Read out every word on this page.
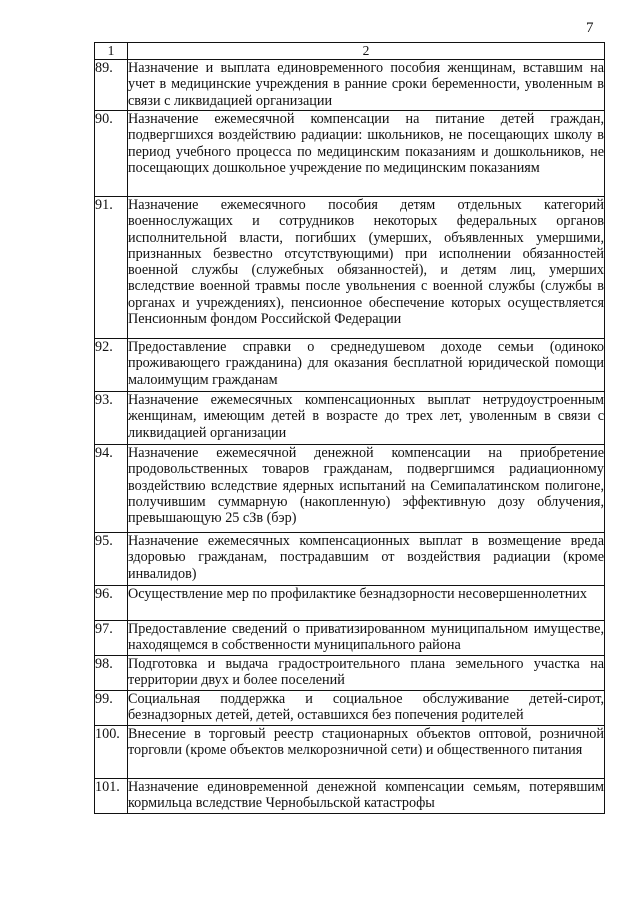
7
1	2
89.	Назначение и выплата единовременного пособия женщинам, вставшим на учет в медицинские учреждения в ранние сроки беременности, уволенным в связи с ликвидацией организации
90.	Назначение ежемесячной компенсации на питание детей граждан, подвергшихся воздействию радиации: школьников, не посещающих школу в период учебного процесса по медицинским показаниям и дошкольников, не посещающих дошкольное учреждение по медицинским показаниям
91.	Назначение ежемесячного пособия детям отдельных категорий военнослужащих и сотрудников некоторых федеральных органов исполнительной власти, погибших (умерших, объявленных умершими, признанных безвестно отсутствующими) при исполнении обязанностей военной службы (служебных обязанностей), и детям лиц, умерших вследствие военной травмы после увольнения с военной службы (службы в органах и учреждениях), пенсионное обеспечение которых осуществляется Пенсионным фондом Российской Федерации
92.	Предоставление справки о среднедушевом доходе семьи (одиноко проживающего гражданина) для оказания бесплатной юридической помощи малоимущим гражданам
93.	Назначение ежемесячных компенсационных выплат нетрудоустроенным женщинам, имеющим детей в возрасте до трех лет, уволенным в связи с ликвидацией организации
94.	Назначение ежемесячной денежной компенсации на приобретение продовольственных товаров гражданам, подвергшимся радиационному воздействию вследствие ядерных испытаний на Семипалатинском полигоне, получившим суммарную (накопленную) эффективную дозу облучения, превышающую 25 сЗв (бэр)
95.	Назначение ежемесячных компенсационных выплат в возмещение вреда здоровью гражданам, пострадавшим от воздействия радиации (кроме инвалидов)
96.	Осуществление мер по профилактике безнадзорности несовершеннолетних
97.	Предоставление сведений о приватизированном муниципальном имуществе, находящемся в собственности муниципального района
98.	Подготовка и выдача градостроительного плана земельного участка на территории двух и более поселений
99.	Социальная поддержка и социальное обслуживание детей-сирот, безнадзорных детей, детей, оставшихся без попечения родителей
100.	Внесение в торговый реестр стационарных объектов оптовой, розничной торговли (кроме объектов мелкорозничной сети) и общественного питания
101.	Назначение единовременной денежной компенсации семьям, потерявшим кормильца вследствие Чернобыльской катастрофы
